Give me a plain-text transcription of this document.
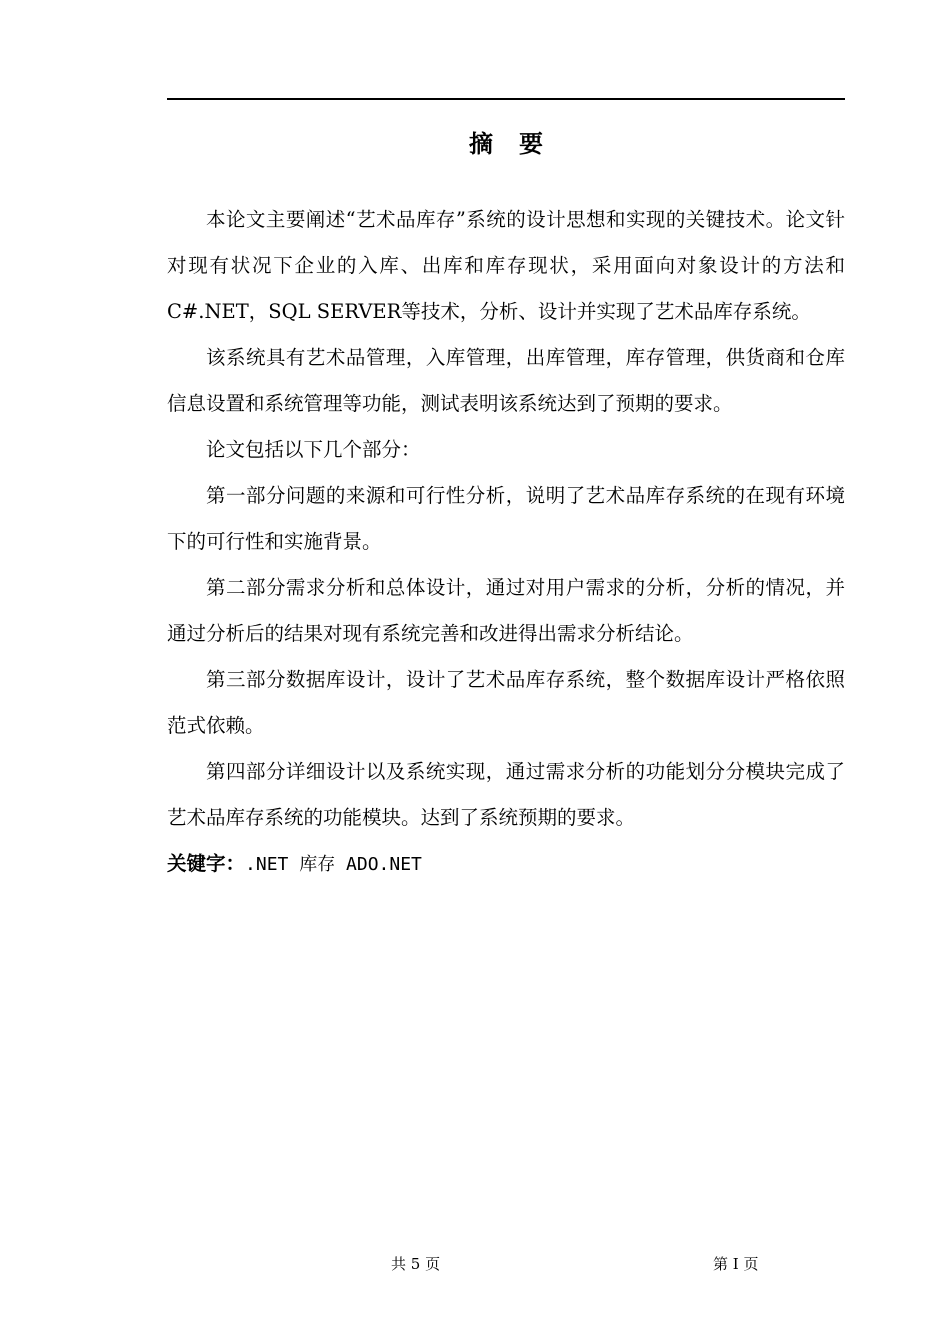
摘要

本论文主要阐述“艺术品库存”系统的设计思想和实现的关键技术。论文针对现有状况下企业的入库、出库和库存现状，采用面向对象设计的方法和C#.NET，SQL SERVER等技术，分析、设计并实现了艺术品库存系统。

该系统具有艺术品管理，入库管理，出库管理，库存管理，供货商和仓库信息设置和系统管理等功能，测试表明该系统达到了预期的要求。

论文包括以下几个部分：

第一部分问题的来源和可行性分析，说明了艺术品库存系统的在现有环境下的可行性和实施背景。

第二部分需求分析和总体设计，通过对用户需求的分析，分析的情况，并通过分析后的结果对现有系统完善和改进得出需求分析结论。

第三部分数据库设计，设计了艺术品库存系统，整个数据库设计严格依照范式依赖。

第四部分详细设计以及系统实现，通过需求分析的功能划分分模块完成了艺术品库存系统的功能模块。达到了系统预期的要求。

关键字：.NET 库存 ADO.NET
共 5 页	第 I 页
